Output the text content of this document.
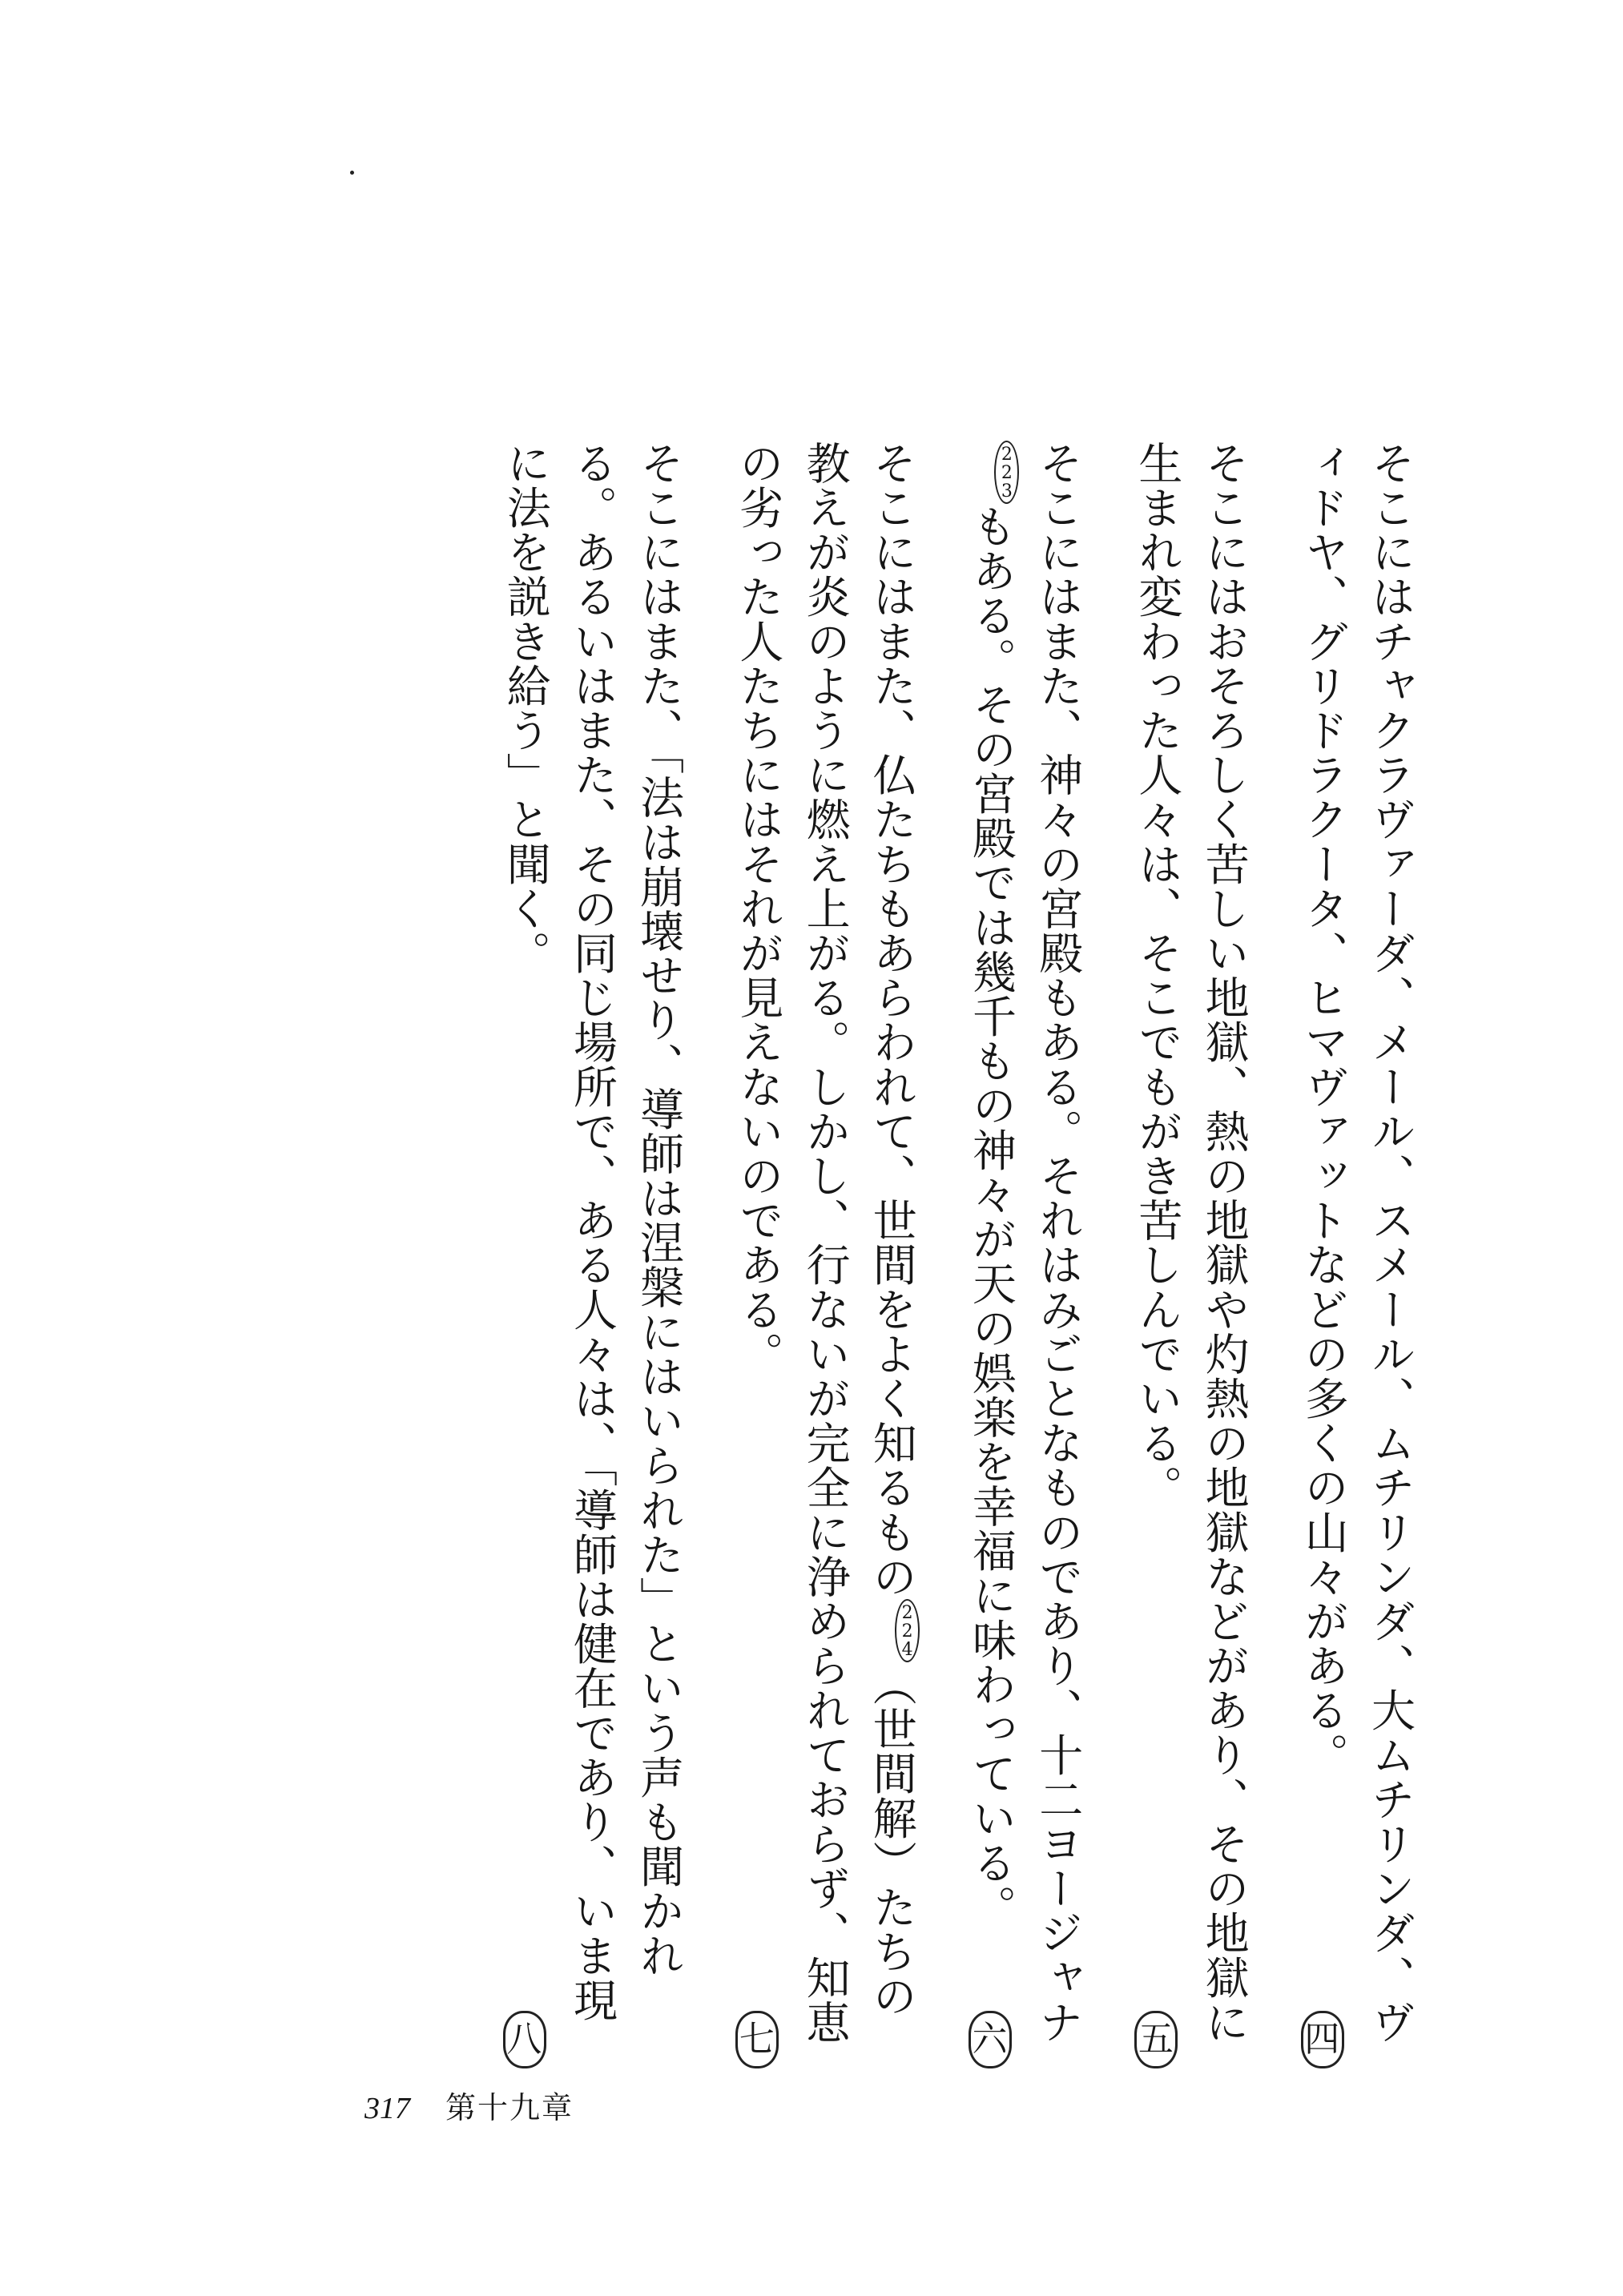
そこにはチャクラヴァーダ、メール、スメール、ムチリンダ、大ムチリンダ、ヴィドヤ、グリドラクータ、ヒマヴァットなどの多くの山々がある。
四

そこにはおそろしく苦しい地獄、熱の地獄や灼熱の地獄などがあり、その地獄に生まれ変わった人々は、そこでもがき苦しんでいる。
五

そこにはまた、神々の宮殿もある。それはみごとなものであり、十二ヨージャナ$^{223}$もある。その宮殿では幾千もの神々が天の娯楽を幸福に味わっている。
六

そこにはまた、仏たちもあらわれて、世間をよく知るもの$^{224}$（世間解）たちの教えが炎のように燃え上がる。しかし、行ないが完全に浄められておらず、知恵の劣った人たちにはそれが見えないのである。
七

そこにはまた、「法は崩壊せり、導師は涅槃にはいられた」という声も聞かれる。あるいはまた、その同じ場所で、ある人々は、「導師は健在であり、いま現に法を説き給う」と聞く。
八

317 第十九章
